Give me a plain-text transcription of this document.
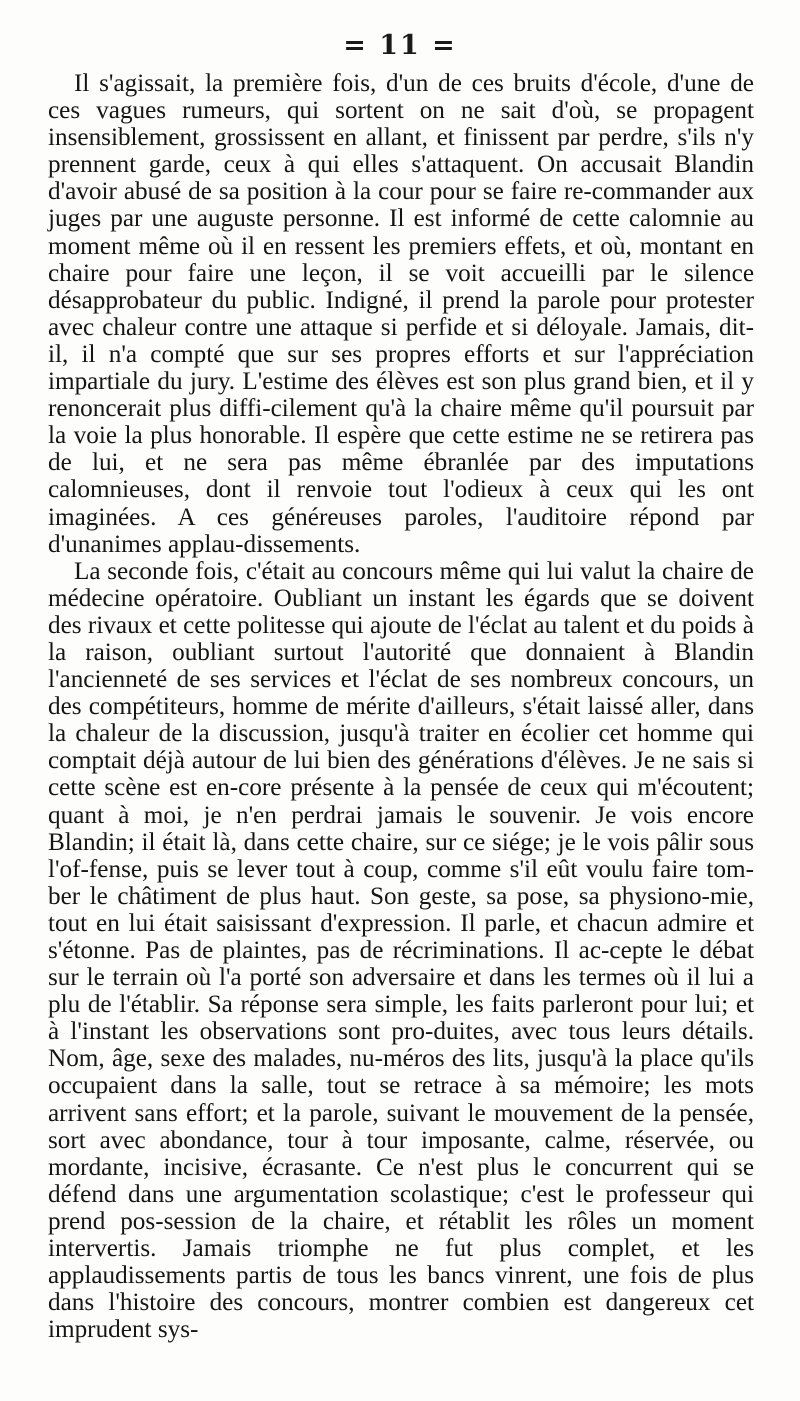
= 11 =

Il s'agissait, la première fois, d'un de ces bruits d'école, d'une de ces vagues rumeurs, qui sortent on ne sait d'où, se propagent insensiblement, grossissent en allant, et finissent par perdre, s'ils n'y prennent garde, ceux à qui elles s'attaquent. On accusait Blandin d'avoir abusé de sa position à la cour pour se faire re-commander aux juges par une auguste personne. Il est informé de cette calomnie au moment même où il en ressent les premiers effets, et où, montant en chaire pour faire une leçon, il se voit accueilli par le silence désapprobateur du public. Indigné, il prend la parole pour protester avec chaleur contre une attaque si perfide et si déloyale. Jamais, dit-il, il n'a compté que sur ses propres efforts et sur l'appréciation impartiale du jury. L'estime des élèves est son plus grand bien, et il y renoncerait plus diffi-cilement qu'à la chaire même qu'il poursuit par la voie la plus honorable. Il espère que cette estime ne se retirera pas de lui, et ne sera pas même ébranlée par des imputations calomnieuses, dont il renvoie tout l'odieux à ceux qui les ont imaginées. A ces généreuses paroles, l'auditoire répond par d'unanimes applau-dissements.

La seconde fois, c'était au concours même qui lui valut la chaire de médecine opératoire. Oubliant un instant les égards que se doivent des rivaux et cette politesse qui ajoute de l'éclat au talent et du poids à la raison, oubliant surtout l'autorité que donnaient à Blandin l'ancienneté de ses services et l'éclat de ses nombreux concours, un des compétiteurs, homme de mérite d'ailleurs, s'était laissé aller, dans la chaleur de la discussion, jusqu'à traiter en écolier cet homme qui comptait déjà autour de lui bien des générations d'élèves. Je ne sais si cette scène est en-core présente à la pensée de ceux qui m'écoutent; quant à moi, je n'en perdrai jamais le souvenir. Je vois encore Blandin; il était là, dans cette chaire, sur ce siége; je le vois pâlir sous l'of-fense, puis se lever tout à coup, comme s'il eût voulu faire tom-ber le châtiment de plus haut. Son geste, sa pose, sa physiono-mie, tout en lui était saisissant d'expression. Il parle, et chacun admire et s'étonne. Pas de plaintes, pas de récriminations. Il ac-cepte le débat sur le terrain où l'a porté son adversaire et dans les termes où il lui a plu de l'établir. Sa réponse sera simple, les faits parleront pour lui; et à l'instant les observations sont pro-duites, avec tous leurs détails. Nom, âge, sexe des malades, nu-méros des lits, jusqu'à la place qu'ils occupaient dans la salle, tout se retrace à sa mémoire; les mots arrivent sans effort; et la parole, suivant le mouvement de la pensée, sort avec abondance, tour à tour imposante, calme, réservée, ou mordante, incisive, écrasante. Ce n'est plus le concurrent qui se défend dans une argumentation scolastique; c'est le professeur qui prend pos-session de la chaire, et rétablit les rôles un moment intervertis. Jamais triomphe ne fut plus complet, et les applaudissements partis de tous les bancs vinrent, une fois de plus dans l'histoire des concours, montrer combien est dangereux cet imprudent sys-
